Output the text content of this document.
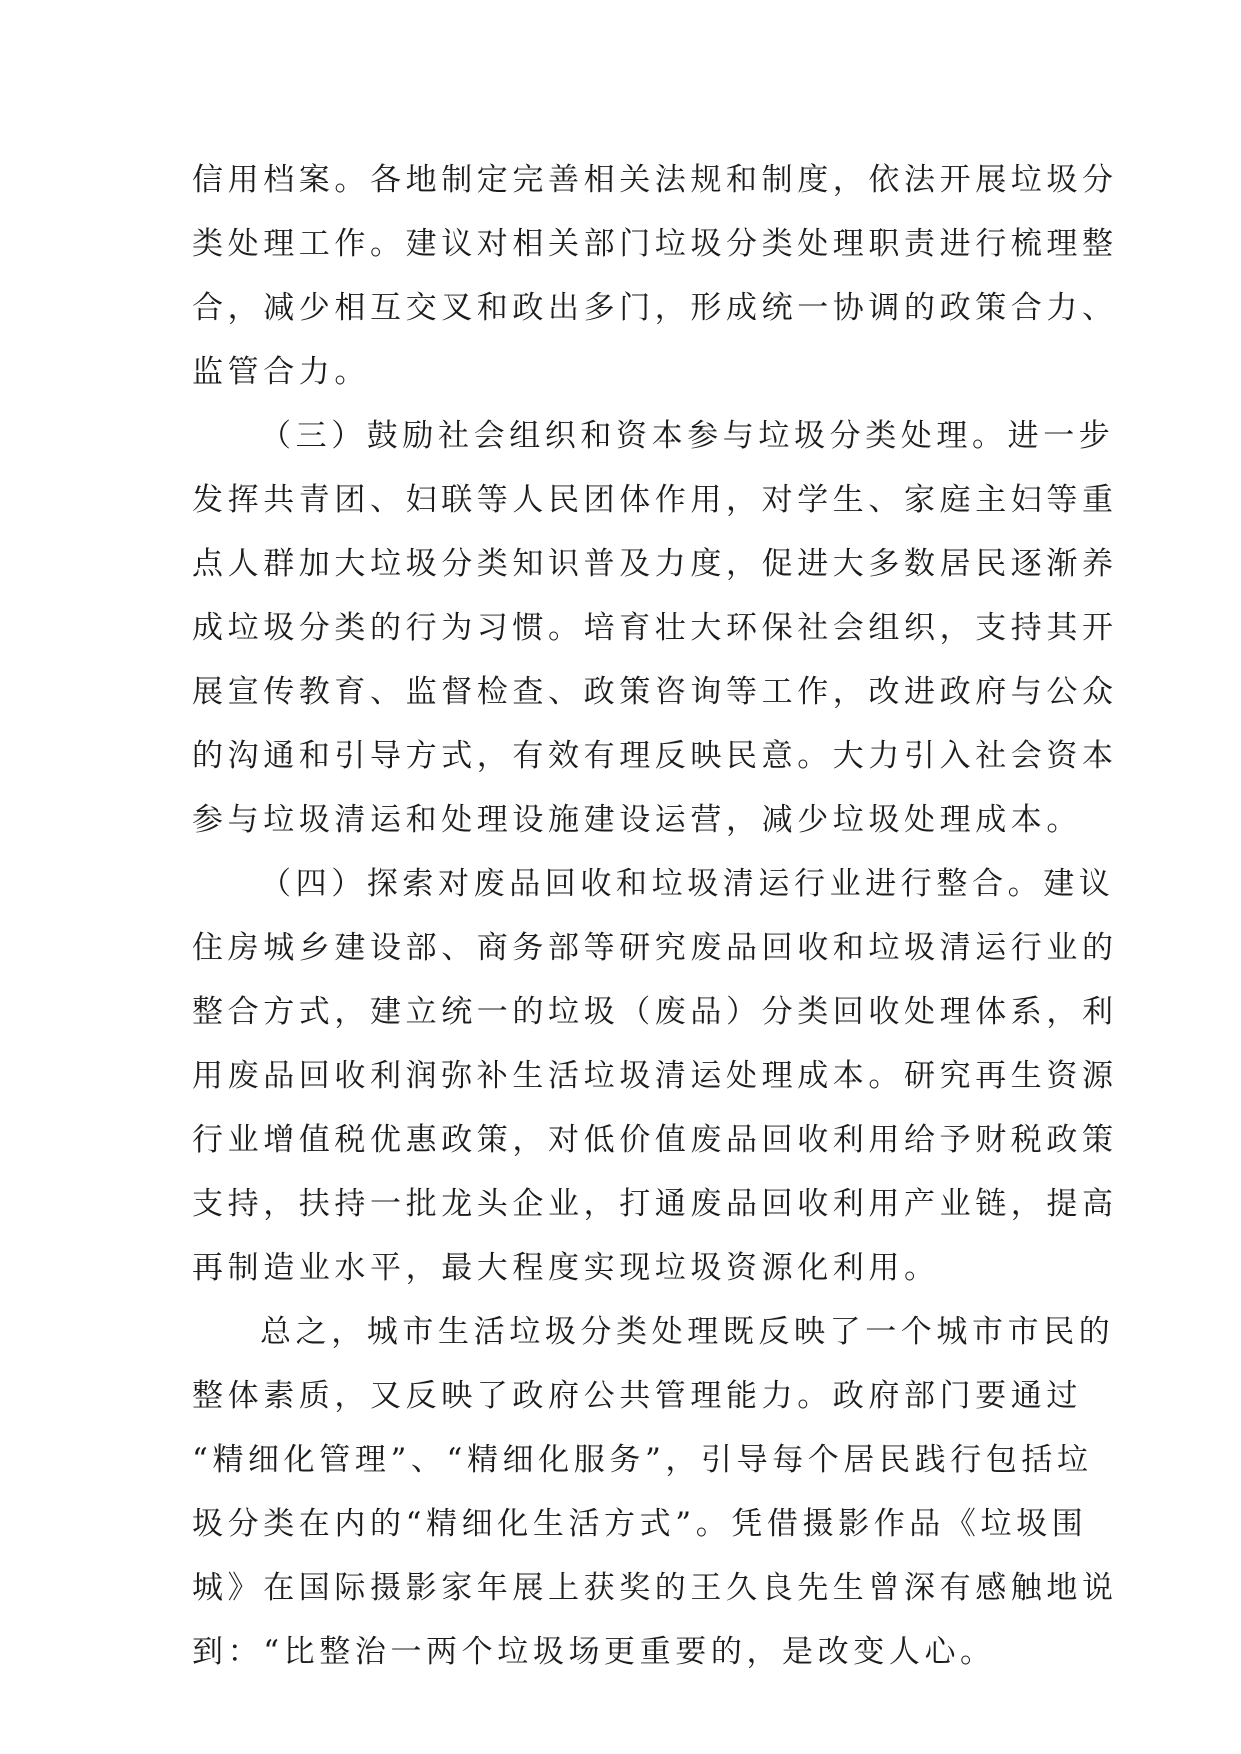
信用档案。各地制定完善相关法规和制度，依法开展垃圾分
类处理工作。建议对相关部门垃圾分类处理职责进行梳理整
合，减少相互交叉和政出多门，形成统一协调的政策合力、
监管合力。
（三）鼓励社会组织和资本参与垃圾分类处理。进一步
发挥共青团、妇联等人民团体作用，对学生、家庭主妇等重
点人群加大垃圾分类知识普及力度，促进大多数居民逐渐养
成垃圾分类的行为习惯。培育壮大环保社会组织，支持其开
展宣传教育、监督检查、政策咨询等工作，改进政府与公众
的沟通和引导方式，有效有理反映民意。大力引入社会资本
参与垃圾清运和处理设施建设运营，减少垃圾处理成本。
（四）探索对废品回收和垃圾清运行业进行整合。建议
住房城乡建设部、商务部等研究废品回收和垃圾清运行业的
整合方式，建立统一的垃圾（废品）分类回收处理体系，利
用废品回收利润弥补生活垃圾清运处理成本。研究再生资源
行业增值税优惠政策，对低价值废品回收利用给予财税政策
支持，扶持一批龙头企业，打通废品回收利用产业链，提高
再制造业水平，最大程度实现垃圾资源化利用。
总之，城市生活垃圾分类处理既反映了一个城市市民的
整体素质，又反映了政府公共管理能力。政府部门要通过
“精细化管理”、“精细化服务”，引导每个居民践行包括垃
圾分类在内的“精细化生活方式”。凭借摄影作品《垃圾围
城》在国际摄影家年展上获奖的王久良先生曾深有感触地说
到：“比整治一两个垃圾场更重要的，是改变人心。
